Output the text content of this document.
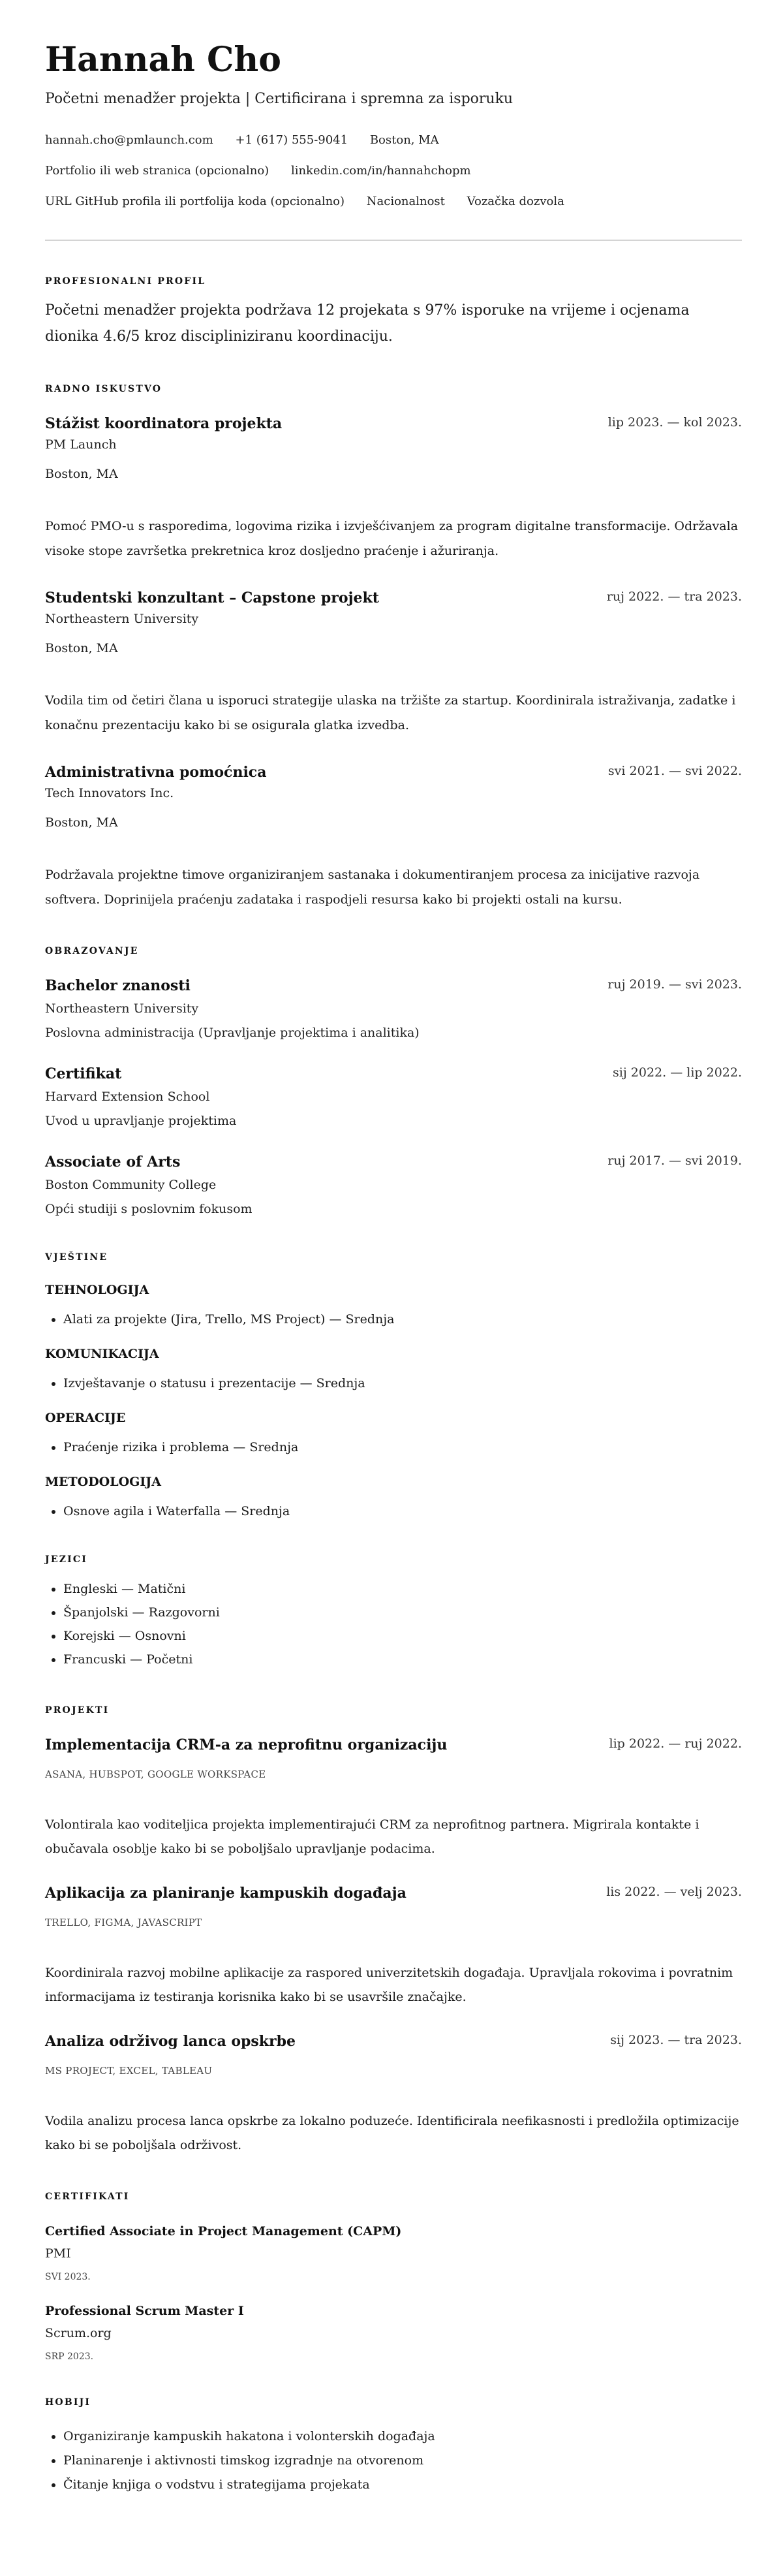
Hannah Cho
Početni menadžer projekta | Certificirana i spremna za isporuku
hannah.cho@pmlaunch.com +1 (617) 555-9041 Boston, MA
Portfolio ili web stranica (opcionalno) linkedin.com/in/hannahchopm
URL GitHub profila ili portfolija koda (opcionalno) Nacionalnost Vozačka dozvola
PROFESIONALNI PROFIL
Početni menadžer projekta podržava 12 projekata s 97% isporuke na vrijeme i ocjenama dionika 4.6/5 kroz discipliniziranu koordinaciju.
RADNO ISKUSTVO
Stážist koordinatora projekta	lip 2023. — kol 2023.
PM Launch
Boston, MA
Pomoć PMO-u s rasporedima, logovima rizika i izvješćivanjem za program digitalne transformacije. Održavala visoke stope završetka prekretnica kroz dosljedno praćenje i ažuriranja.
Studentski konzultant – Capstone projekt	ruj 2022. — tra 2023.
Northeastern University
Boston, MA
Vodila tim od četiri člana u isporuci strategije ulaska na tržište za startup. Koordinirala istraživanja, zadatke i konačnu prezentaciju kako bi se osigurala glatka izvedba.
Administrativna pomoćnica	svi 2021. — svi 2022.
Tech Innovators Inc.
Boston, MA
Podržavala projektne timove organiziranjem sastanaka i dokumentiranjem procesa za inicijative razvoja softvera. Doprinijela praćenju zadataka i raspodjeli resursa kako bi projekti ostali na kursu.
OBRAZOVANJE
Bachelor znanosti	ruj 2019. — svi 2023.
Northeastern University
Poslovna administracija (Upravljanje projektima i analitika)
Certifikat	sij 2022. — lip 2022.
Harvard Extension School
Uvod u upravljanje projektima
Associate of Arts	ruj 2017. — svi 2019.
Boston Community College
Opći studiji s poslovnim fokusom
VJEŠTINE
TEHNOLOGIJA
• Alati za projekte (Jira, Trello, MS Project) — Srednja
KOMUNIKACIJA
• Izvještavanje o statusu i prezentacije — Srednja
OPERACIJE
• Praćenje rizika i problema — Srednja
METODOLOGIJA
• Osnove agila i Waterfalla — Srednja
JEZICI
• Engleski — Matični
• Španjolski — Razgovorni
• Korejski — Osnovni
• Francuski — Početni
PROJEKTI
Implementacija CRM-a za neprofitnu organizaciju	lip 2022. — ruj 2022.
ASANA, HUBSPOT, GOOGLE WORKSPACE
Volontirala kao voditeljica projekta implementirajući CRM za neprofitnog partnera. Migrirala kontakte i obučavala osoblje kako bi se poboljšalo upravljanje podacima.
Aplikacija za planiranje kampuskih događaja	lis 2022. — velj 2023.
TRELLO, FIGMA, JAVASCRIPT
Koordinirala razvoj mobilne aplikacije za raspored univerzitetskih događaja. Upravljala rokovima i povratnim informacijama iz testiranja korisnika kako bi se usavršile značajke.
Analiza održivog lanca opskrbe	sij 2023. — tra 2023.
MS PROJECT, EXCEL, TABLEAU
Vodila analizu procesa lanca opskrbe za lokalno poduzeće. Identificirala neefikasnosti i predložila optimizacije kako bi se poboljšala održivost.
CERTIFIKATI
Certified Associate in Project Management (CAPM)
PMI
SVI 2023.
Professional Scrum Master I
Scrum.org
SRP 2023.
HOBIJI
• Organiziranje kampuskih hakatona i volonterskih događaja
• Planinarenje i aktivnosti timskog izgradnje na otvorenom
• Čitanje knjiga o vodstvu i strategijama projekata
